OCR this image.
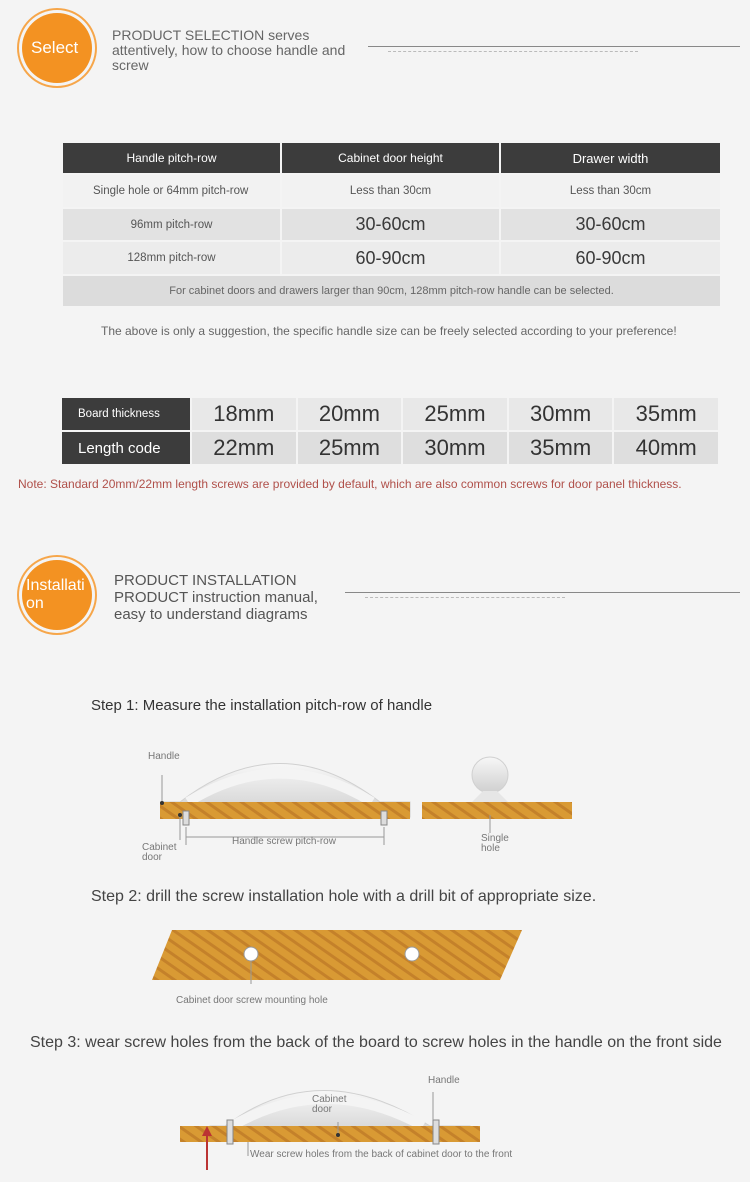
Select
PRODUCT SELECTION serves
attentively, how to choose handle and
screw
Handle pitch-row	Cabinet door height	Drawer width
Single hole or 64mm pitch-row	Less than 30cm	Less than 30cm
96mm pitch-row	30-60cm	30-60cm
128mm pitch-row	60-90cm	60-90cm
For cabinet doors and drawers larger than 90cm, 128mm pitch-row handle can be selected.		
The above is only a suggestion, the specific handle size can be freely selected according to your preference!
Board thickness	18mm	20mm	25mm	30mm	35mm
Length code	22mm	25mm	30mm	35mm	40mm
Note: Standard 20mm/22mm length screws are provided by default, which are also common screws for door panel thickness.
Installation
PRODUCT INSTALLATION
PRODUCT instruction manual,
easy to understand diagrams
Step 1: Measure the installation pitch-row of handle
Handle
Cabinet door
Handle screw pitch-row	Single hole
Step 2: drill the screw installation hole with a drill bit of appropriate size.
Cabinet door screw mounting hole
Step 3: wear screw holes from the back of the board to screw holes in the handle on the front side
Handle
Cabinet door
Wear screw holes from the back of cabinet door to the front
